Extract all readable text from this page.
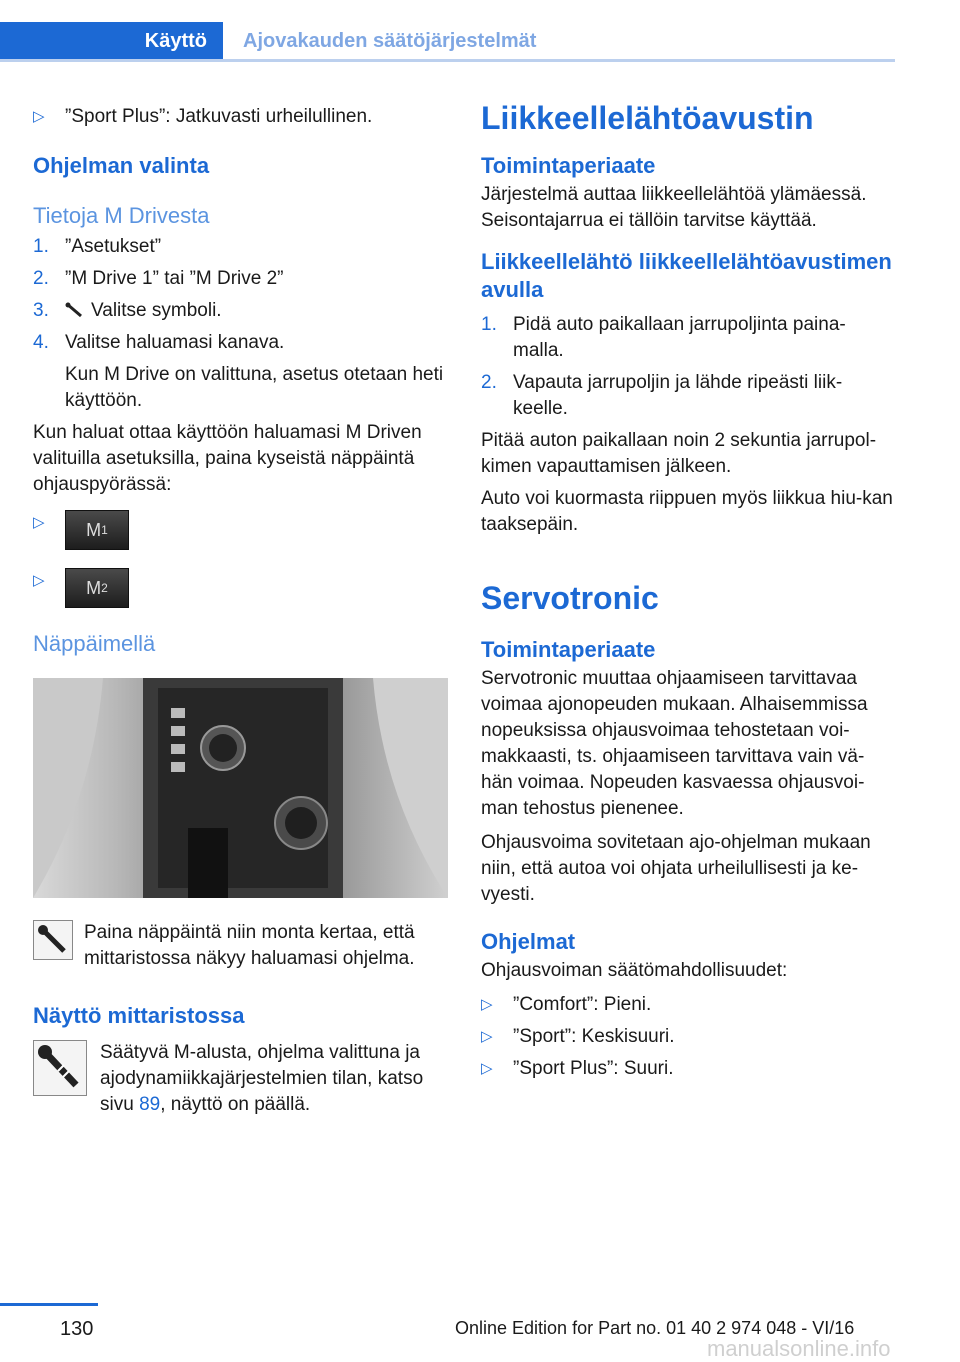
Käyttö Ajovakauden säätöjärjestelmät
▷	”Sport Plus”: Jatkuvasti urheilullinen.

Ohjelman valinta

Tietoja M Drivesta

1. ”Asetukset”
2. ”M Drive 1” tai ”M Drive 2”
3.	Valitse symboli.
4. Valitse haluamasi kanava.

Kun M Drive on valittuna, asetus otetaan heti käyttöön.

Kun haluat ottaa käyttöön haluamasi M Driven valituilla asetuksilla, paina kyseistä näppäintä ohjauspyörässä:

▷	M 1
▷	M 2

Näppäimellä

Paina näppäintä niin monta kertaa, että mittaristossa näkyy haluamasi ohjelma.

Näyttö mittaristossa

Säätyvä M-alusta, ohjelma valittuna ja ajodynamiikkajärjestelmien tilan, katso sivu 89, näyttö on päällä.

Liikkeellelähtöavustin

Toimintaperiaate

Järjestelmä auttaa liikkeellelähtöä ylämäessä. Seisontajarrua ei tällöin tarvitse käyttää.

Liikkeellelähtö liikkeellelähtöavustimen avulla

1. Pidä auto paikallaan jarrupoljinta paina-malla.
2. Vapauta jarrupoljin ja lähde ripeästi liik-keelle.

Pitää auton paikallaan noin 2 sekuntia jarrupol-kimen vapauttamisen jälkeen.

Auto voi kuormasta riippuen myös liikkua hiu-kan taaksepäin.

Servotronic

Toimintaperiaate

Servotronic muuttaa ohjaamiseen tarvittavaa voimaa ajonopeuden mukaan. Alhaisemmissa nopeuksissa ohjausvoimaa tehostetaan voi-makkaasti, ts. ohjaamiseen tarvittava vain vä-hän voimaa. Nopeuden kasvaessa ohjausvoi-man tehostus pienenee.

Ohjausvoima sovitetaan ajo-ohjelman mukaan niin, että autoa voi ohjata urheilullisesti ja ke-vyesti.

Ohjelmat

Ohjausvoiman säätömahdollisuudet:

▷	”Comfort”: Pieni.
▷	”Sport”: Keskisuuri.
▷	”Sport Plus”: Suuri.
130	Online Edition for Part no. 01 40 2 974 048 - VI/16
manualsonline.info
